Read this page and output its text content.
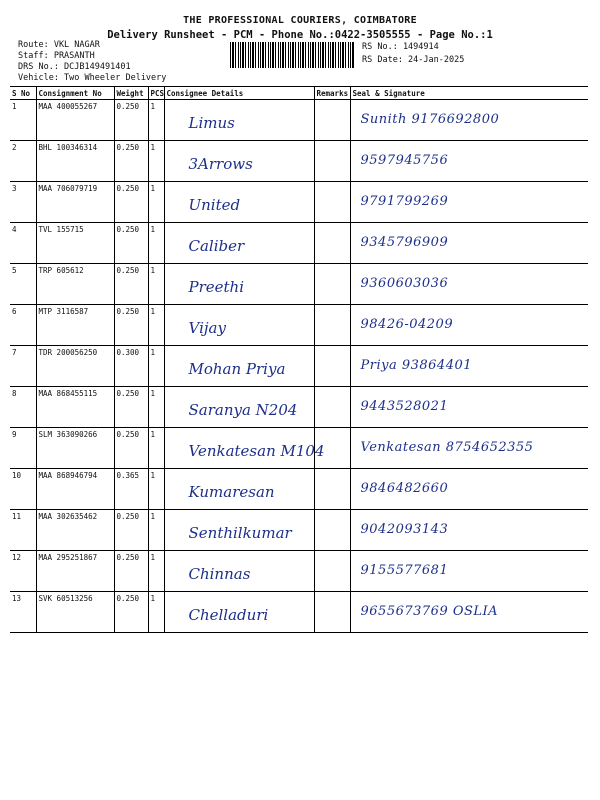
THE PROFESSIONAL COURIERS, COIMBATORE
Delivery Runsheet - PCM - Phone No.:0422-3505555 - Page No.:1
Route: VKL NAGAR
Staff: PRASANTH
DRS No.: DCJB149491401
Vehicle: Two Wheeler Delivery
RS No.: 1494914
RS Date: 24-Jan-2025
S No	Consignment No	Weight	PCS	Consignee Details	Remarks	Seal & Signature
1	MAA 400055267	0.250	1	Limus		Sunith 9176692800

2	BHL 100346314	0.250	1	3Arrows		9597945756

3	MAA 706079719	0.250	1	United		9791799269

4	TVL 155715	0.250	1	Caliber		9345796909

5	TRP 605612	0.250	1	Preethi		9360603036

6	MTP 3116587	0.250	1	Vijay		98426-04209

7	TDR 200056250	0.300	1	Mohan Priya		Priya 93864401

8	MAA 868455115	0.250	1	Saranya N204		9443528021

9	SLM 363090266	0.250	1	Venkatesan M104		Venkatesan 8754652355

10	MAA 868946794	0.365	1	Kumaresan		9846482660

11	MAA 302635462	0.250	1	Senthilkumar		9042093143

12	MAA 295251867	0.250	1	Chinnas		9155577681

13	SVK 60513256	0.250	1	Chelladuri		9655673769 OSLIA
